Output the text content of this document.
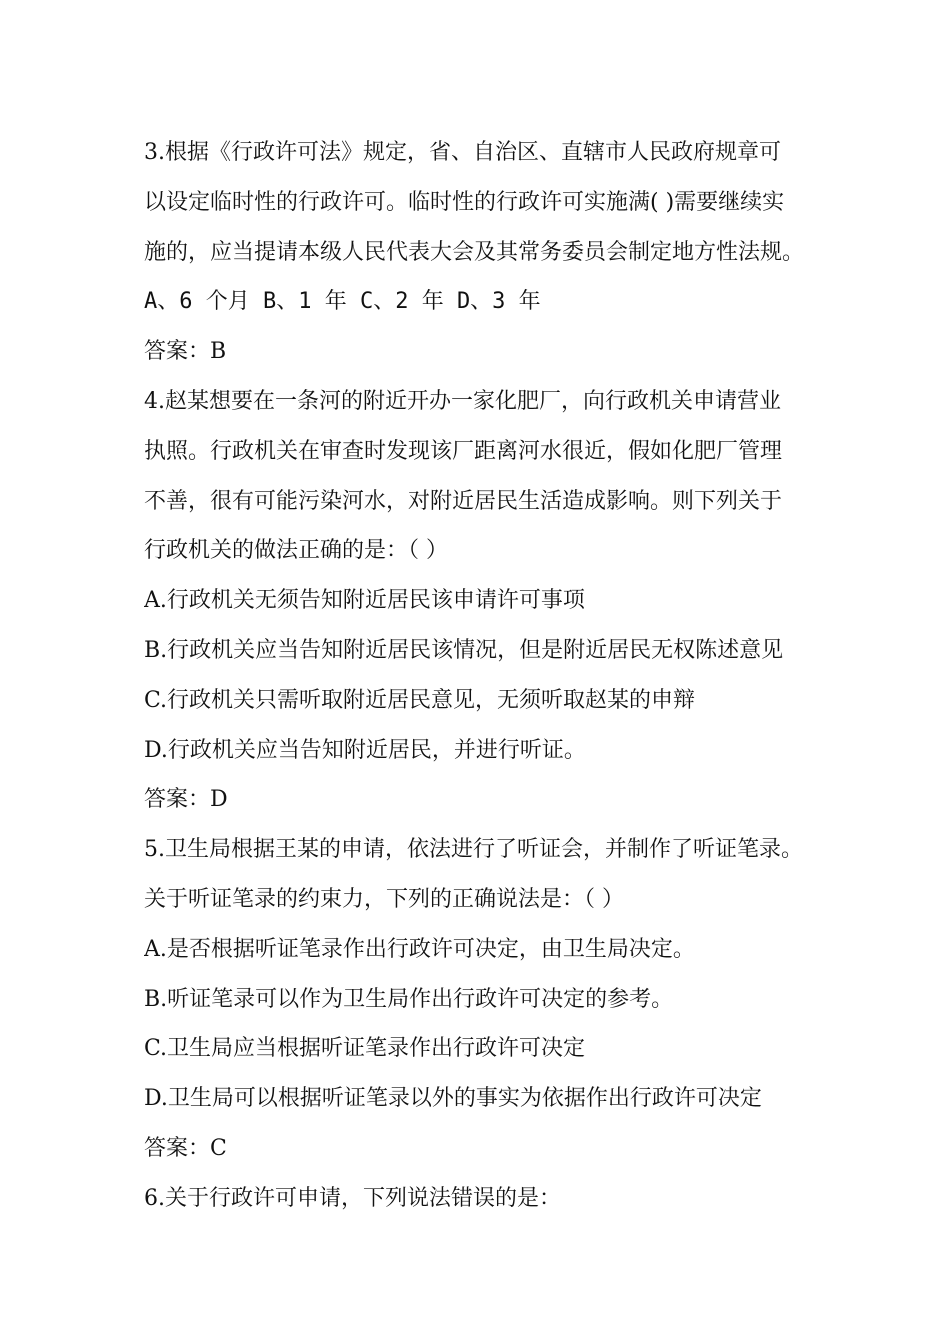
3.根据《行政许可法》规定，省、自治区、直辖市人民政府规章可
以设定临时性的行政许可。临时性的行政许可实施满( )需要继续实
施的，应当提请本级人民代表大会及其常务委员会制定地方性法规。
A、6 个月 B、1 年 C、2 年 D、3 年
答案：B
4.赵某想要在一条河的附近开办一家化肥厂，向行政机关申请营业
执照。行政机关在审查时发现该厂距离河水很近，假如化肥厂管理
不善，很有可能污染河水，对附近居民生活造成影响。则下列关于
行政机关的做法正确的是：（ ）
A.行政机关无须告知附近居民该申请许可事项
B.行政机关应当告知附近居民该情况，但是附近居民无权陈述意见
C.行政机关只需听取附近居民意见，无须听取赵某的申辩
D.行政机关应当告知附近居民，并进行听证。
答案：D
5.卫生局根据王某的申请，依法进行了听证会，并制作了听证笔录。
关于听证笔录的约束力，下列的正确说法是：（ ）
A.是否根据听证笔录作出行政许可决定，由卫生局决定。
B.听证笔录可以作为卫生局作出行政许可决定的参考。
C.卫生局应当根据听证笔录作出行政许可决定
D.卫生局可以根据听证笔录以外的事实为依据作出行政许可决定
答案：C
6.关于行政许可申请，下列说法错误的是：
